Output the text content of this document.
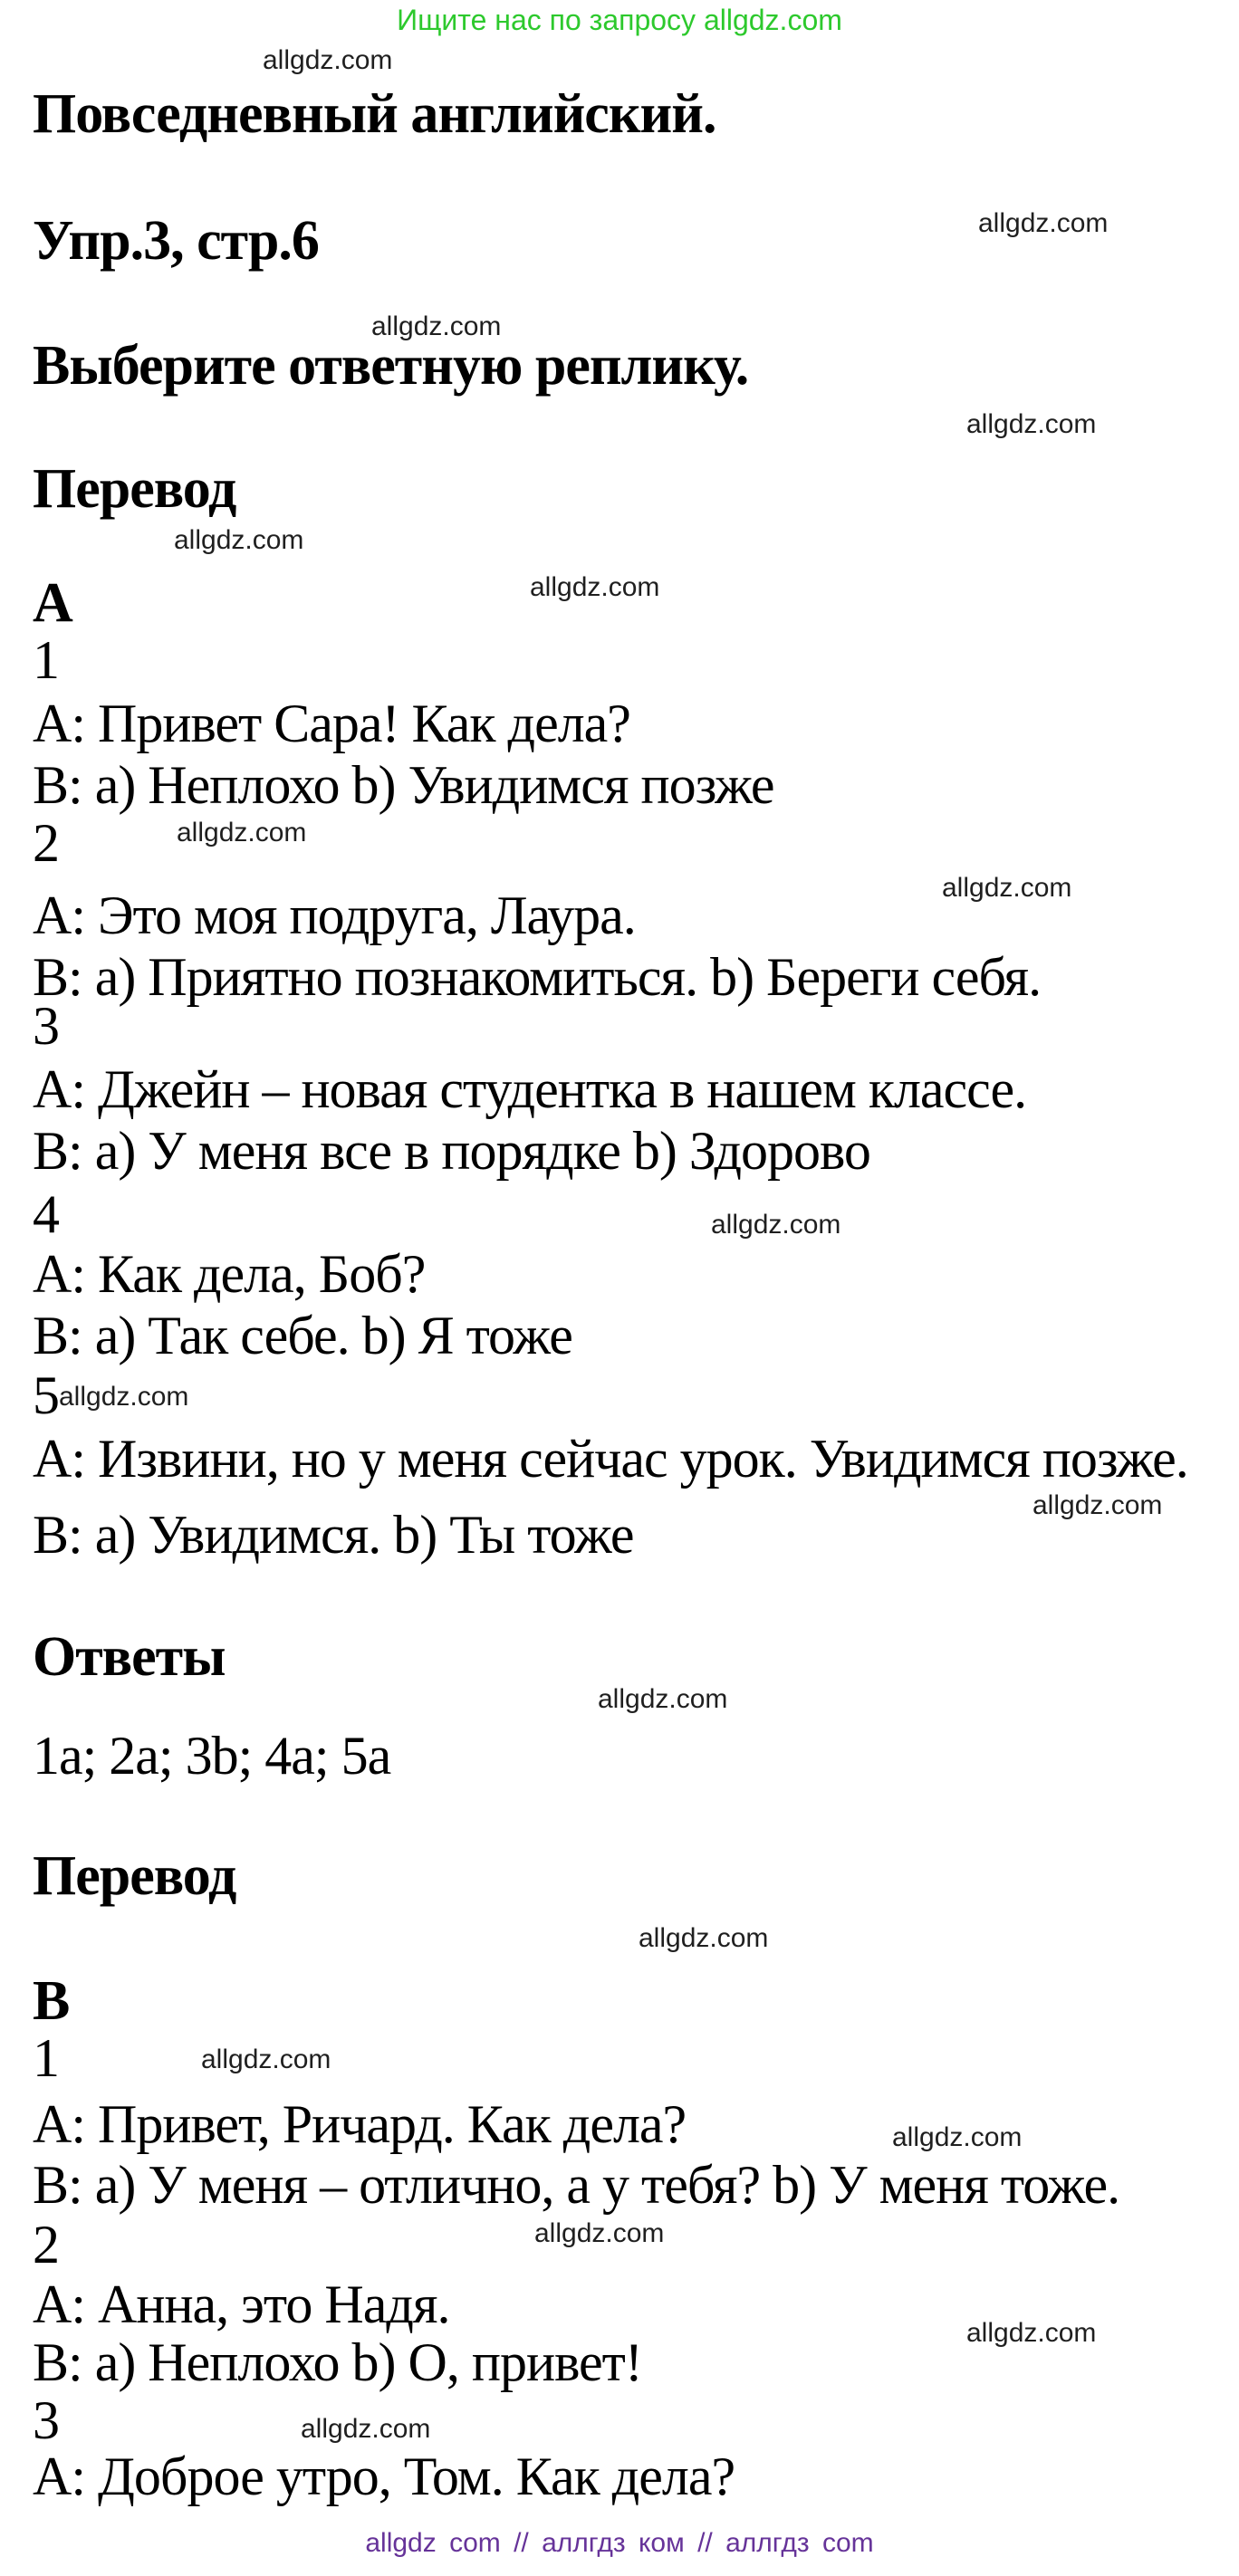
Ищите нас по запросу allgdz.com
allgdz.com
allgdz.com
allgdz.com
allgdz.com
allgdz.com
allgdz.com
allgdz.com
allgdz.com
allgdz.com
allgdz.com
allgdz.com
allgdz.com
allgdz.com
allgdz.com
allgdz.com
allgdz.com
allgdz.com
allgdz.com
Повседневный английский.
Упр.3, стр.6
Выберите ответную реплику.
Перевод
А
1
А: Привет Сара! Как дела?
В: а) Неплохо b) Увидимся позже
2
А: Это моя подруга, Лаура.
В: а) Приятно познакомиться. b) Береги себя.
3
А: Джейн – новая студентка в нашем классе.
В: а) У меня все в порядке b) Здорово
4
А: Как дела, Боб?
В: а) Так себе. b) Я тоже
5
А: Извини, но у меня сейчас урок. Увидимся позже.
В: а) Увидимся. b) Ты тоже
Ответы
1a; 2a; 3b; 4a; 5a
Перевод
В
1
А: Привет, Ричард. Как дела?
В: а) У меня – отлично, а у тебя? b) У меня тоже.
2
А: Анна, это Надя.
В: а) Неплохо b) О, привет!
3
А: Доброе утро, Том. Как дела?
allgdz com // аллгдз ком // аллгдз com
